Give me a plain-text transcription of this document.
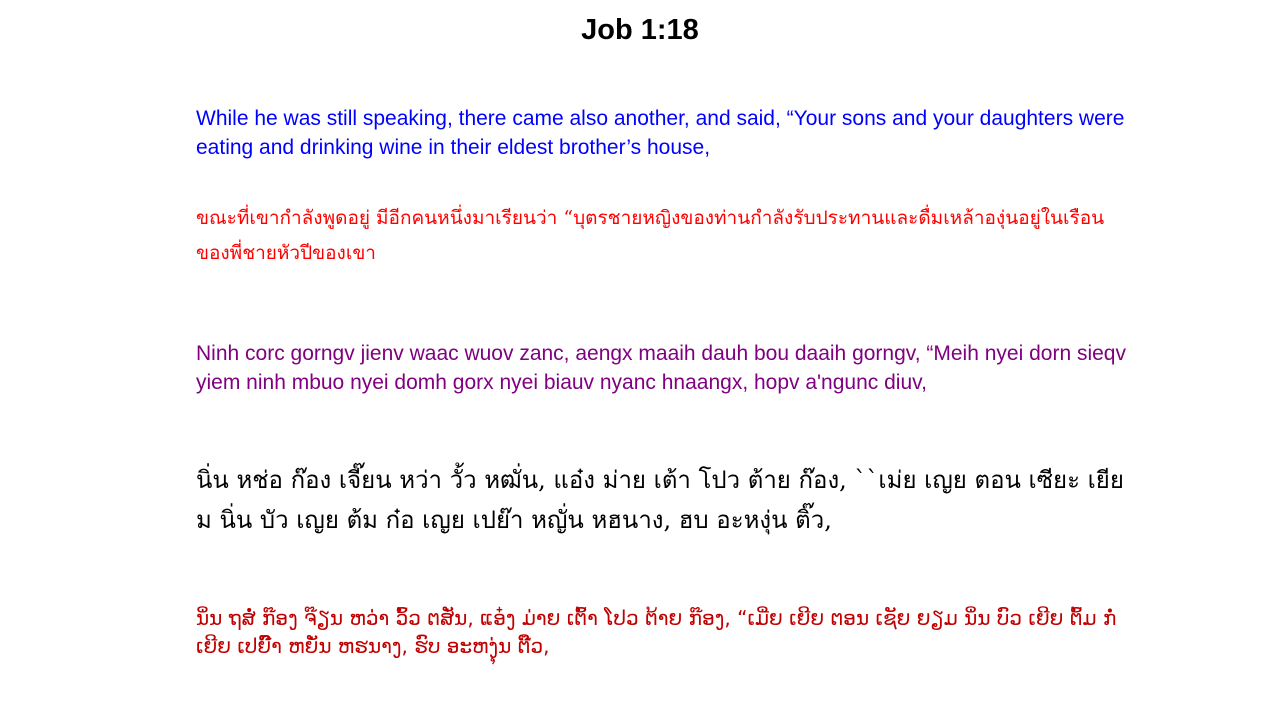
Job 1:18

While he was still speaking, there came also another, and said, “Your sons and your daughters were eating and drinking wine in their eldest brother’s house,

ขณะที่เขากำลังพูดอยู่ มีอีกคนหนึ่งมาเรียนว่า “บุตรชายหญิงของท่านกำลังรับประทานและดื่มเหล้าองุ่นอยู่ในเรือนของพี่ชายหัวปีของเขา

Ninh corc gorngv jienv waac wuov zanc, aengx maaih dauh bou daaih gorngv, “Meih nyei dorn sieqv yiem ninh mbuo nyei domh gorx nyei biauv nyanc hnaangx, hopv a'ngunc diuv,

นิ่น หช่อ ก๊อง เจี๊ยน หว่า วั้ว หฒั่น, แอ๋ง ม่าย เต้า โปว ต้าย ก๊อง, ``เม่ย เญย ตอน เซียะ เยียม นิ่น บัว เญย ต้ม ก๋อ เญย เปย๊า หญั่น หฮนาง, ฮบ อะหงุ่น ติ๊ว,

ນິ່ນ ຖສໍ່ ກ໊ອງ ຈ໊ຽນ ຫວ່າ ວົ້ວ ຕສັ່ນ, ແອ໋ງ ມ່າຍ ເຕົ້າ ໂປວ ຕ້າຍ ກ໊ອງ, “ເມີ່ຍ ເຍີຍ ຕອນ ເຊັຍ ຍຽມ ນິ່ນ ບົວ ເຍີຍ ຕົ້ມ ກໍ່ ເຍີຍ ເປຍົ໊າ ຫຍັ່ນ ຫຮນາງ, ຮົບ ອະຫງຸ່ນ ຕີ໊ວ,
